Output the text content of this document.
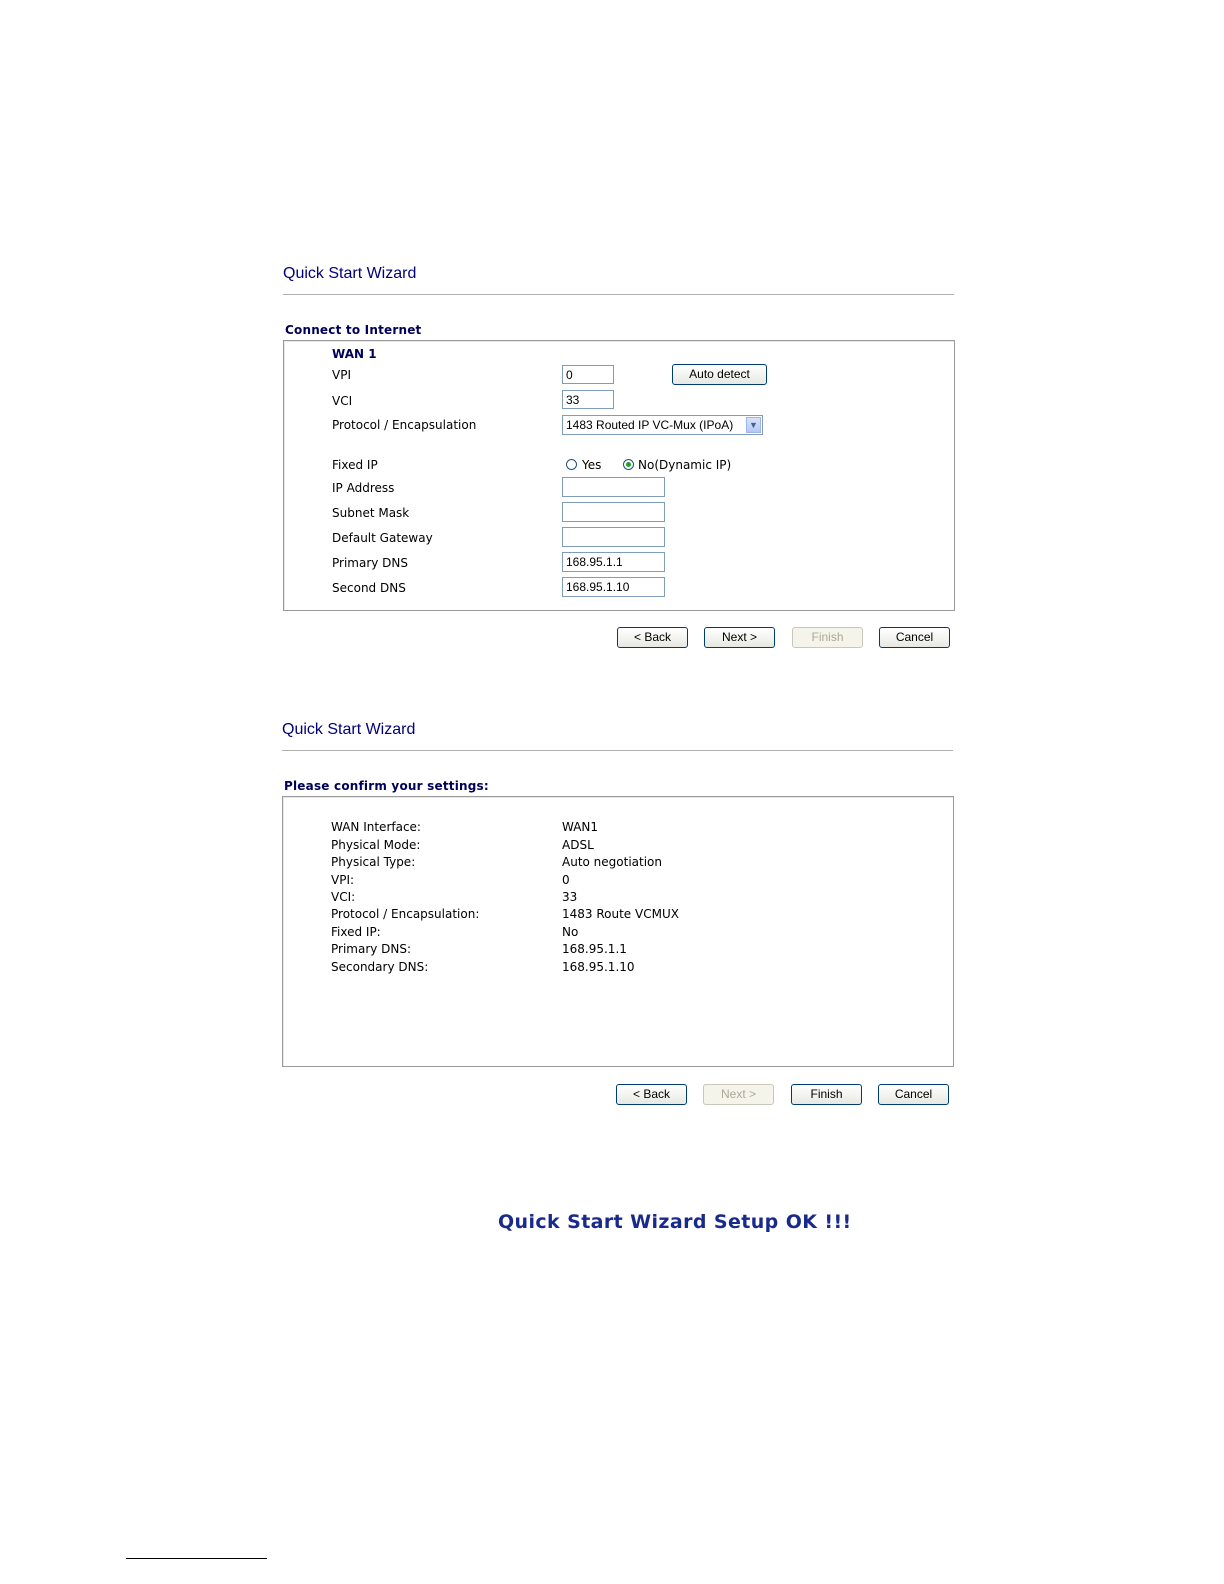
Quick Start Wizard
Connect to Internet
WAN 1
VPI	0	Auto detect
VCI	33
Protocol / Encapsulation	1483 Routed IP VC-Mux (IPoA)	▼
Fixed IP	Yes	No(Dynamic IP)
IP Address
Subnet Mask
Default Gateway
Primary DNS	168.95.1.1
Second DNS	168.95.1.10
< Back	Next >	Finish	Cancel
Quick Start Wizard
Please confirm your settings:
WAN Interface:	WAN1
Physical Mode:	ADSL
Physical Type:	Auto negotiation
VPI:	0
VCI:	33
Protocol / Encapsulation:	1483 Route VCMUX
Fixed IP:	No
Primary DNS:	168.95.1.1
Secondary DNS:	168.95.1.10
< Back	Next >	Finish	Cancel
Quick Start Wizard Setup OK !!!
